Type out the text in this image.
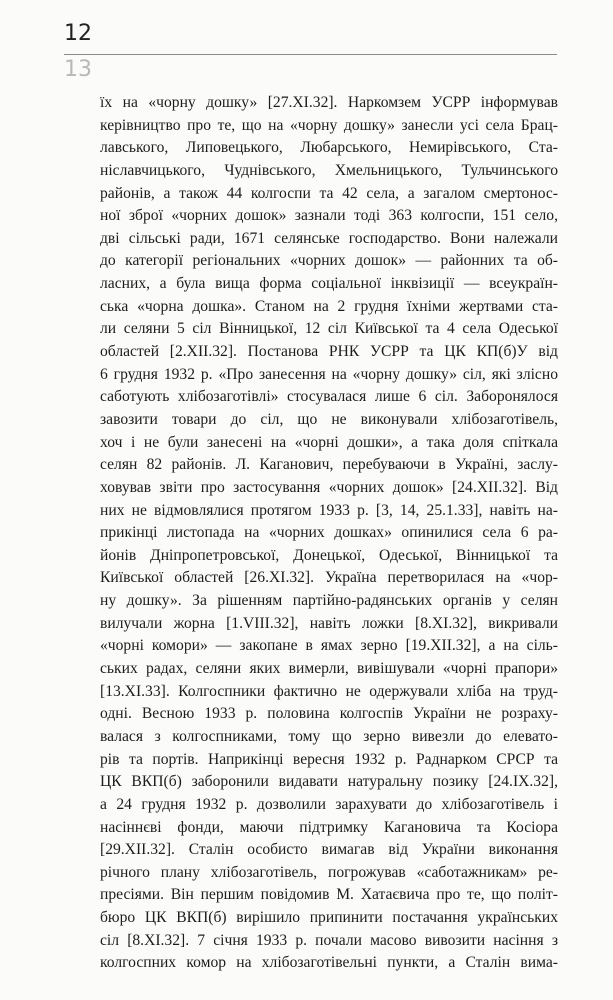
12
13
їх на «чорну дошку» [27.ХІ.32]. Наркомзем УСРР інформував
керівництво про те, що на «чорну дошку» занесли усі села Брац-
лавського, Липовецького, Любарського, Немирівського, Ста-
ніславчицького, Чуднівського, Хмельницького, Тульчинського
районів, а також 44 колгоспи та 42 села, а загалом смертонос-
ної зброї «чорних дошок» зазнали тоді 363 колгоспи, 151 село,
дві сільські ради, 1671 селянське господарство. Вони належали
до категорії регіональних «чорних дошок» — районних та об-
ласних, а була вища форма соціальної інквізиції — всеукраїн-
ська «чорна дошка». Станом на 2 грудня їхніми жертвами ста-
ли селяни 5 сіл Вінницької, 12 сіл Київської та 4 села Одеської
областей [2.XII.32]. Постанова РНК УСРР та ЦК КП(б)У від
6 грудня 1932 р. «Про занесення на «чорну дошку» сіл, які злісно
саботують хлібозаготівлі» стосувалася лише 6 сіл. Заборонялося
завозити товари до сіл, що не виконували хлібозаготівель,
хоч і не були занесені на «чорні дошки», а така доля спіткала
селян 82 районів. Л. Каганович, перебуваючи в Україні, заслу-
ховував звіти про застосування «чорних дошок» [24.XII.32]. Від
них не відмовлялися протягом 1933 р. [3, 14, 25.1.33], навіть на-
прикінці листопада на «чорних дошках» опинилися села 6 ра-
йонів Дніпропетровської, Донецької, Одеської, Вінницької та
Київської областей [26.XI.32]. Україна перетворилася на «чор-
ну дошку». За рішенням партійно-радянських органів у селян
вилучали жорна [1.VIII.32], навіть ложки [8.XI.32], викривали
«чорні комори» — закопане в ямах зерно [19.XII.32], а на сіль-
ських радах, селяни яких вимерли, вивішували «чорні прапори»
[13.XI.33]. Колгоспники фактично не одержували хліба на труд-
одні. Весною 1933 р. половина колгоспів України не розраху-
валася з колгоспниками, тому що зерно вивезли до елевато-
рів та портів. Наприкінці вересня 1932 р. Раднарком СРСР та
ЦК ВКП(б) заборонили видавати натуральну позику [24.IX.32],
а 24 грудня 1932 р. дозволили зарахувати до хлібозаготівель і
насіннєві фонди, маючи підтримку Кагановича та Косіора
[29.XII.32]. Сталін особисто вимагав від України виконання
річного плану хлібозаготівель, погрожував «саботажникам» ре-
пресіями. Він першим повідомив М. Хатаєвича про те, що політ-
бюро ЦК ВКП(б) вирішило припинити постачання українських
сіл [8.XI.32]. 7 січня 1933 р. почали масово вивозити насіння з
колгоспних комор на хлібозаготівельні пункти, а Сталін вима-
